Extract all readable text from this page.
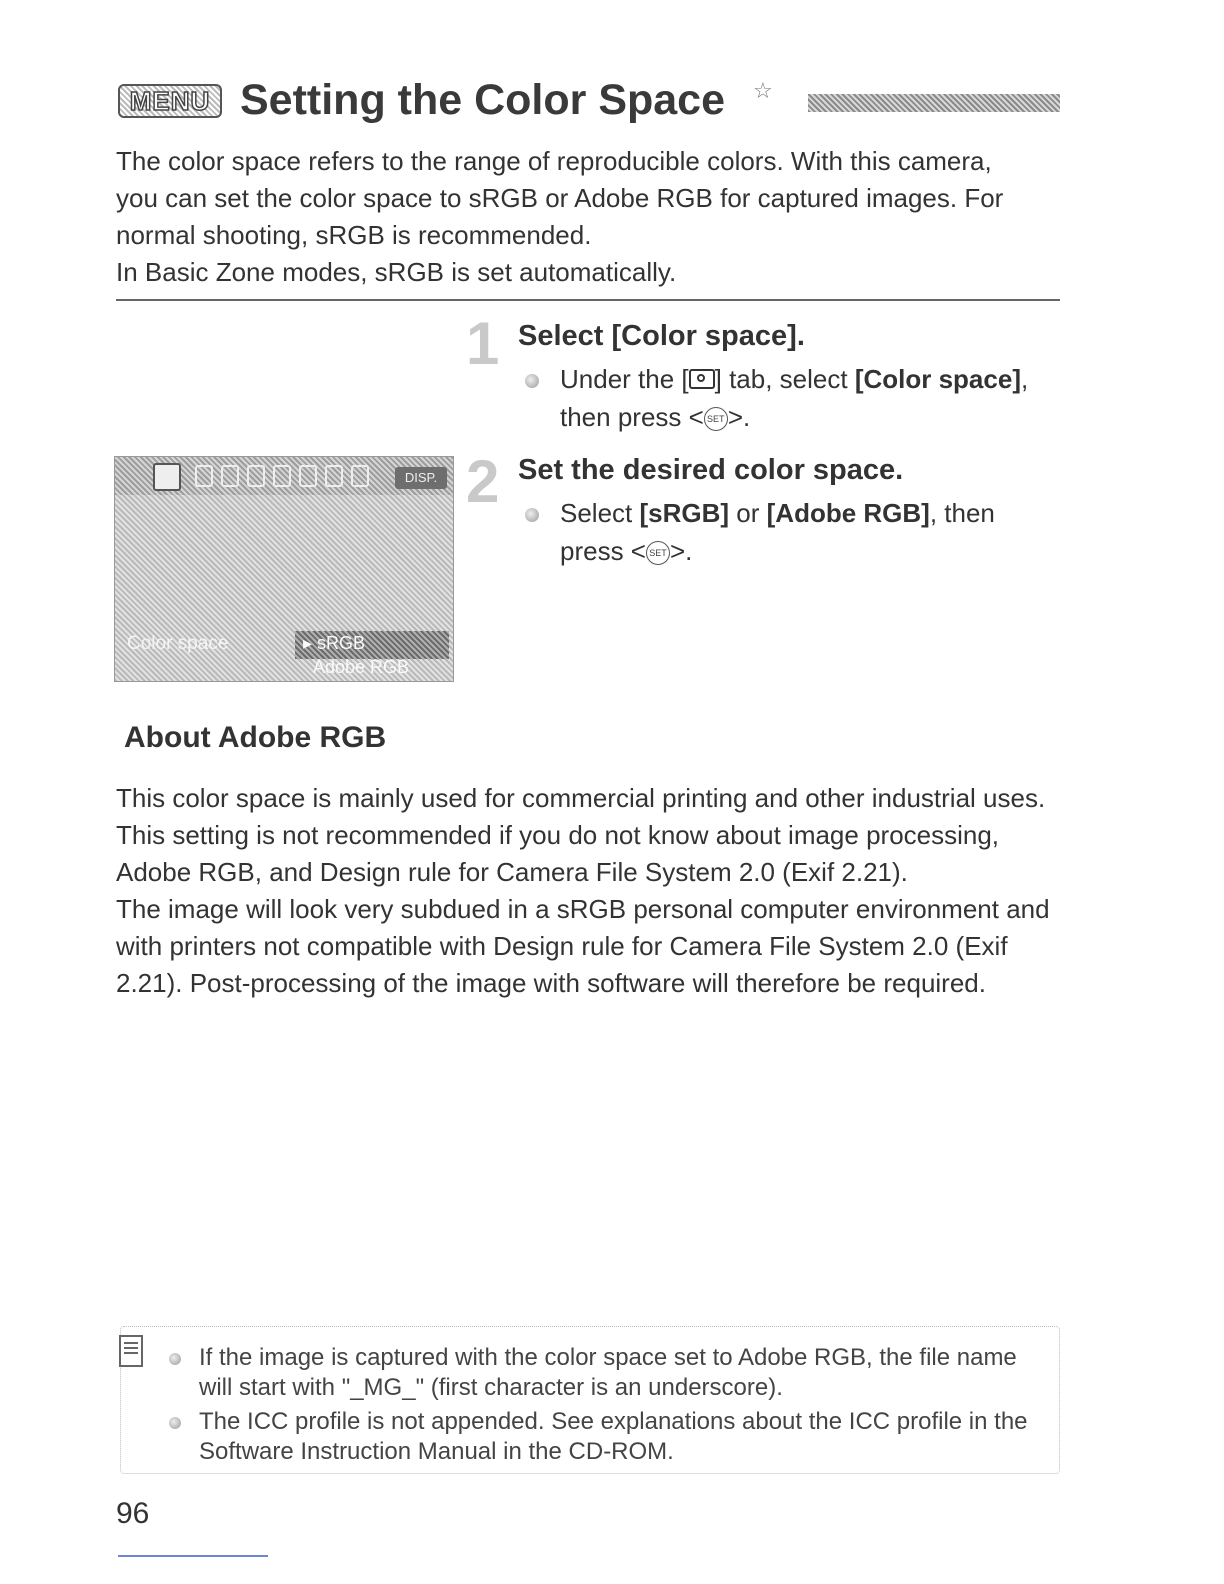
MENU Setting the Color Space ☆

The color space refers to the range of reproducible colors. With this camera, you can set the color space to sRGB or Adobe RGB for captured images. For normal shooting, sRGB is recommended.

In Basic Zone modes, sRGB is set automatically.

1 Select [Color space].
Under the [ ] tab, select [Color space], then press < SET >.
2 Set the desired color space.
Select [sRGB] or [Adobe RGB], then press < SET >.
DISP.
Color space	▸ sRGB
Adobe RGB
About Adobe RGB

This color space is mainly used for commercial printing and other industrial uses. This setting is not recommended if you do not know about image processing, Adobe RGB, and Design rule for Camera File System 2.0 (Exif 2.21).

The image will look very subdued in a sRGB personal computer environment and with printers not compatible with Design rule for Camera File System 2.0 (Exif 2.21). Post-processing of the image with software will therefore be required.

If the image is captured with the color space set to Adobe RGB, the file name will start with "_MG_" (first character is an underscore).
The ICC profile is not appended. See explanations about the ICC profile in the Software Instruction Manual in the CD-ROM.
96
